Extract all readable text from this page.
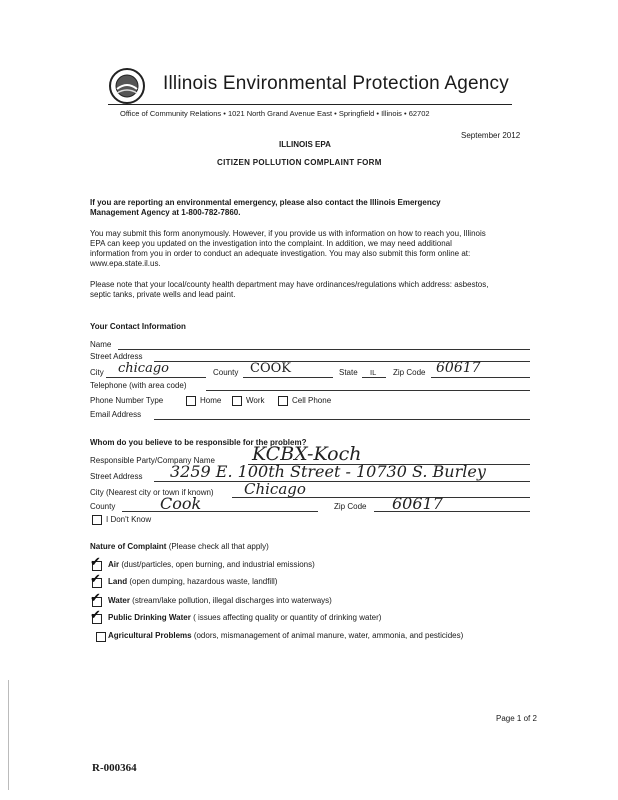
Illinois Environmental Protection Agency
Office of Community Relations • 1021 North Grand Avenue East • Springfield • Illinois • 62702
September 2012
ILLINOIS EPA
CITIZEN POLLUTION COMPLAINT FORM
If you are reporting an environmental emergency, please also contact the Illinois Emergency Management Agency at 1-800-782-7860.
You may submit this form anonymously. However, if you provide us with information on how to reach you, Illinois
EPA can keep you updated on the investigation into the complaint. In addition, we may need additional
information from you in order to conduct an adequate investigation. You may also submit this form online at:
www.epa.state.il.us.
Please note that your local/county health department may have ordinances/regulations which address: asbestos,
septic tanks, private wells and lead paint.
Your Contact Information
Name
Street Address
City chicago	County COOK	State IL Zip Code 60617
Telephone (with area code)
Phone Number Type	Home	Work	Cell Phone
Email Address
Whom do you believe to be responsible for the problem?
Responsible Party/Company Name KCBX-Koch
Street Address 3259 E. 100th Street - 10730 S. Burley
City (Nearest city or town if known) Chicago
County	Cook	Zip Code 60617
I Don't Know
Nature of Complaint (Please check all that apply)
✔ Air (dust/particles, open burning, and industrial emissions)
✔ Land (open dumping, hazardous waste, landfill)
✔ Water (stream/lake pollution, illegal discharges into waterways)
✔ Public Drinking Water ( issues affecting quality or quantity of drinking water)
Agricultural Problems (odors, mismanagement of animal manure, water, ammonia, and pesticides)
Page 1 of 2
R-000364
